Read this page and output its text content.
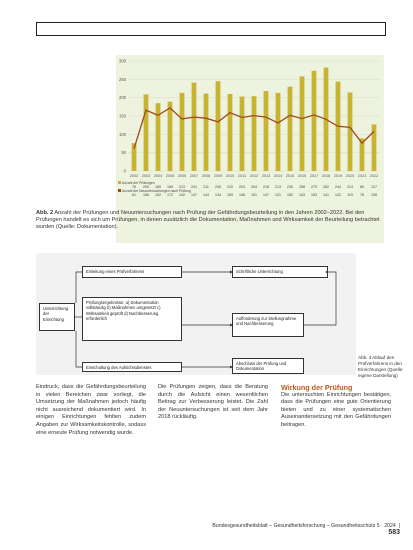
0
50
100
150
200
250
300
2002 2003 2004 2005 2006 2007 2008 2009 2010 2011 2012 2013 2014 2015 2016 2017 2018 2019 2020 2021 2022
Anzahl der Prüfungen
76 209 185 189 213 241 211 245 210 203 204 218 213 230 258 273 282 244 214 89 127
Anzahl der Neuuntersuchungen nach Prüfung
61 166 152 172 142 147 144 134 159 146 151 147 131 152 143 153 141 122 119 76 108
Abb. 2 Anzahl der Prüfungen und Neuuntersuchungen nach Prüfung der Gefährdungsbeurteilung in den Jahren 2002–2022. Bei den Prüfungen handelt es sich um Prüfungen, in denen zusätzlich die Dokumentation, Maßnahmen und Wirksamkeit der Beurteilung betrachtet wurden (Quelle: Dokumentation).
Einleitung eines Prüfverfahrens	Schriftliche Unterrichtung
Unterrichtung der Einrichtung
Prüfungsergebnisse: a) Dokumentation vollständig b) Maßnahmen umgesetzt c) Wirksamkeit geprüft d) Nachbesserung erforderlich	Aufforderung zur Stellungnahme und Nachbesserung
Einschaltung des Aufsichtsdienstes
Abschluss der Prüfung und Dokumentation
Abb. 3 Ablauf des Prüfverfahrens in den Einrichtungen (Quelle: eigene Darstellung)
Eindruck, dass die Gefährdungsbeurteilung in vielen Bereichen zwar vorliegt, die Umsetzung der Maßnahmen jedoch häufig nicht ausreichend dokumentiert wird. In einigen Einrichtungen fehlten zudem Angaben zur Wirksamkeitskontrolle, sodass eine erneute Prüfung notwendig wurde.
Die Prüfungen zeigen, dass die Beratung durch die Aufsicht einen wesentlichen Beitrag zur Verbesserung leistet. Die Zahl der Neuuntersuchungen ist seit dem Jahr 2018 rückläufig.
Wirkung der Prüfung
Die untersuchten Einrichtungen bestätigen, dass die Prüfungen eine gute Orientierung bieten und zu einer systematischen Auseinandersetzung mit den Gefährdungen beitragen.
Bundesgesundheitsblatt – Gesundheitsforschung – Gesundheitsschutz 5 · 2024  | 583
